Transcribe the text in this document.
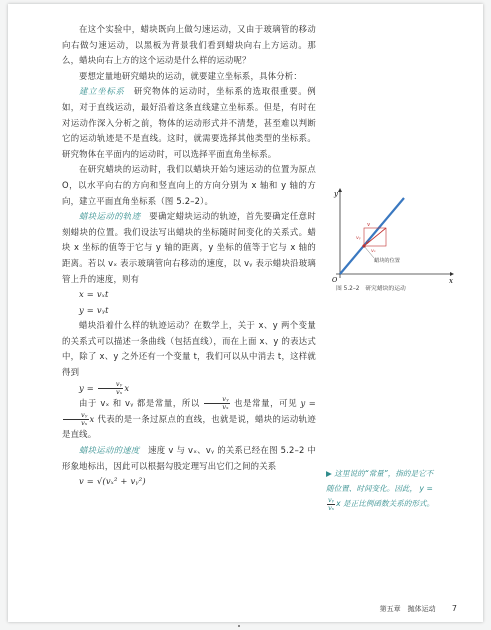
在这个实验中，蜡块既向上做匀速运动，又由于玻璃管的移动向右做匀速运动，以黑板为背景我们看到蜡块向右上方运动。那么，蜡块向右上方的这个运动是什么样的运动呢？

要想定量地研究蜡块的运动，就要建立坐标系，具体分析：

建立坐标系　 研究物体的运动时，坐标系的选取很重要。例如，对于直线运动，最好沿着这条直线建立坐标系。但是，有时在对运动作深入分析之前，物体的运动形式并不清楚，甚至难以判断它的运动轨迹是不是直线。这时，就需要选择其他类型的坐标系。研究物体在平面内的运动时，可以选择平面直角坐标系。

在研究蜡块的运动时，我们以蜡块开始匀速运动的位置为原点 O，以水平向右的方向和竖直向上的方向分别为 x 轴和 y 轴的方向，建立平面直角坐标系（图 5.2–2）。

蜡块运动的轨迹　 要确定蜡块运动的轨迹，首先要确定任意时刻蜡块的位置。我们设法写出蜡块的坐标随时间变化的关系式。蜡块 x 坐标的值等于它与 y 轴的距离，y 坐标的值等于它与 x 轴的距离。若以 vₓ 表示玻璃管向右移动的速度，以 vᵧ 表示蜡块沿玻璃管上升的速度，则有

x = vₓt

y = vᵧt

蜡块沿着什么样的轨迹运动？在数学上，关于 x、y 两个变量的关系式可以描述一条曲线（包括直线），而在上面 x、y 的表达式中，除了 x、y 之外还有一个变量 t，我们可以从中消去 t，这样就得到

$y = \frac{\text{vᵧ}}{\text{vₓ}}$ x

由于 vₓ 和 vᵧ 都是常量，所以 $\frac{\text{vᵧ}}{\text{vₓ}}$ 也是常量，可见 y =
$\frac{\text{vᵧ}}{\text{vₓ}}$ x 代表的是一条过原点的直线，也就是说，蜡块的运动轨迹是直线。

蜡块运动的速度　 速度 v 与 vₓ、vᵧ 的关系已经在图 5.2–2 中形象地标出，因此可以根据勾股定理写出它们之间的关系

v = √(vₓ² + vᵧ²)

y
x
O
v
vₓ
vᵧ
θ
蜡块的位置
图 5.2–2　研究蜡块的运动
▶ 这里说的“常量”，指的是它不随位置、时间变化。因此， y =
$\frac{\text{vᵧ}}{\text{vₓ}}$ x 是正比例函数关系的形式。
第五章　抛体运动 7
